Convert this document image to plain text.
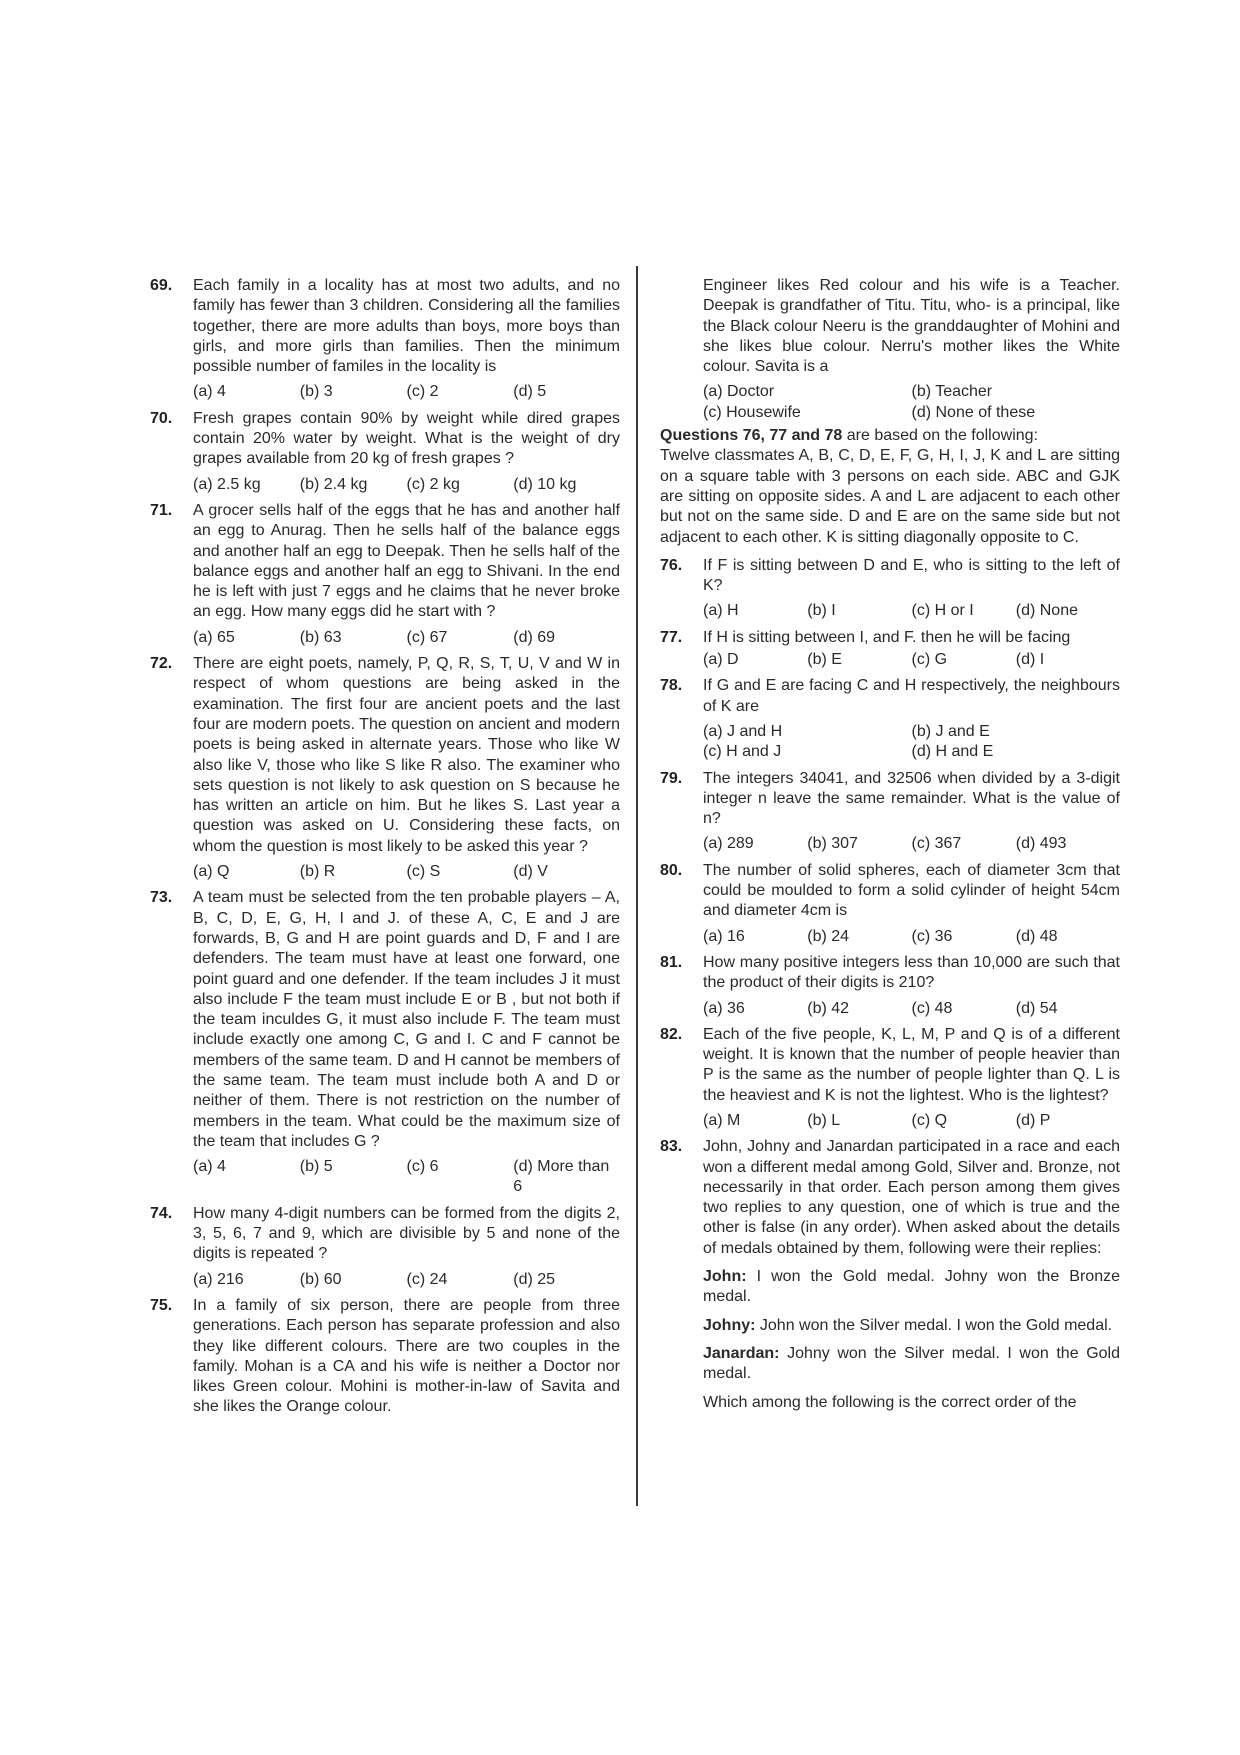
69. Each family in a locality has at most two adults, and no family has fewer than 3 children. Considering all the families together, there are more adults than boys, more boys than girls, and more girls than families. Then the minimum possible number of familes in the locality is
(a) 4	(b) 3	(c) 2	(d) 5
70. Fresh grapes contain 90% by weight while dired grapes contain 20% water by weight. What is the weight of dry grapes available from 20 kg of fresh grapes ?
(a) 2.5 kg	(b) 2.4 kg	(c) 2 kg	(d) 10 kg
71. A grocer sells half of the eggs that he has and another half an egg to Anurag. Then he sells half of the balance eggs and another half an egg to Deepak. Then he sells half of the balance eggs and another half an egg to Shivani. In the end he is left with just 7 eggs and he claims that he never broke an egg. How many eggs did he start with ?
(a) 65	(b) 63	(c) 67	(d) 69
72. There are eight poets, namely, P, Q, R, S, T, U, V and W in respect of whom questions are being asked in the examination. The first four are ancient poets and the last four are modern poets. The question on ancient and modern poets is being asked in alternate years. Those who like W also like V, those who like S like R also. The examiner who sets question is not likely to ask question on S because he has written an article on him. But he likes S. Last year a question was asked on U. Considering these facts, on whom the question is most likely to be asked this year ?
(a) Q	(b) R	(c) S	(d) V
73. A team must be selected from the ten probable players – A, B, C, D, E, G, H, I and J. of these A, C, E and J are forwards, B, G and H are point guards and D, F and I are defenders. The team must have at least one forward, one point guard and one defender. If the team includes J it must also include F the team must include E or B , but not both if the team inculdes G, it must also include F. The team must include exactly one among C, G and I. C and F cannot be members of the same team. D and H cannot be members of the same team. The team must include both A and D or neither of them. There is not restriction on the number of members in the team. What could be the maximum size of the team that includes G ?
(a) 4	(b) 5	(c) 6	(d) More than 6
74. How many 4-digit numbers can be formed from the digits 2, 3, 5, 6, 7 and 9, which are divisible by 5 and none of the digits is repeated ?
(a) 216	(b) 60	(c) 24	(d) 25
75. In a family of six person, there are people from three generations. Each person has separate profession and also they like different colours. There are two couples in the family. Mohan is a CA and his wife is neither a Doctor nor likes Green colour. Mohini is mother-in-law of Savita and she likes the Orange colour.
Engineer likes Red colour and his wife is a Teacher. Deepak is grandfather of Titu. Titu, who- is a principal, like the Black colour Neeru is the granddaughter of Mohini and she likes blue colour. Nerru's mother likes the White colour. Savita is a
(a) Doctor	(b) Teacher
(c) Housewife	(d) None of these
Questions 76, 77 and 78 are based on the following:
Twelve classmates A, B, C, D, E, F, G, H, I, J, K and L are sitting on a square table with 3 persons on each side. ABC and GJK are sitting on opposite sides. A and L are adjacent to each other but not on the same side. D and E are on the same side but not adjacent to each other. K is sitting diagonally opposite to C.
76. If F is sitting between D and E, who is sitting to the left of K?
(a) H	(b) I	(c) H or I	(d) None
77. If H is sitting between I, and F. then he will be facing
(a) D	(b) E	(c) G	(d) I
78. If G and E are facing C and H respectively, the neighbours of K are
(a) J and H	(b) J and E
(c) H and J	(d) H and E
79. The integers 34041, and 32506 when divided by a 3-digit integer n leave the same remainder. What is the value of n?
(a) 289	(b) 307	(c) 367	(d) 493
80. The number of solid spheres, each of diameter 3cm that could be moulded to form a solid cylinder of height 54cm and diameter 4cm is
(a) 16	(b) 24	(c) 36	(d) 48
81. How many positive integers less than 10,000 are such that the product of their digits is 210?
(a) 36	(b) 42	(c) 48	(d) 54
82. Each of the five people, K, L, M, P and Q is of a different weight. It is known that the number of people heavier than P is the same as the number of people lighter than Q. L is the heaviest and K is not the lightest. Who is the lightest?
(a) M	(b) L	(c) Q	(d) P
83. John, Johny and Janardan participated in a race and each won a different medal among Gold, Silver and. Bronze, not necessarily in that order. Each person among them gives two replies to any question, one of which is true and the other is false (in any order). When asked about the details of medals obtained by them, following were their replies:
John: I won the Gold medal. Johny won the Bronze medal.
Johny: John won the Silver medal. I won the Gold medal.
Janardan: Johny won the Silver medal. I won the Gold medal.
Which among the following is the correct order of the
